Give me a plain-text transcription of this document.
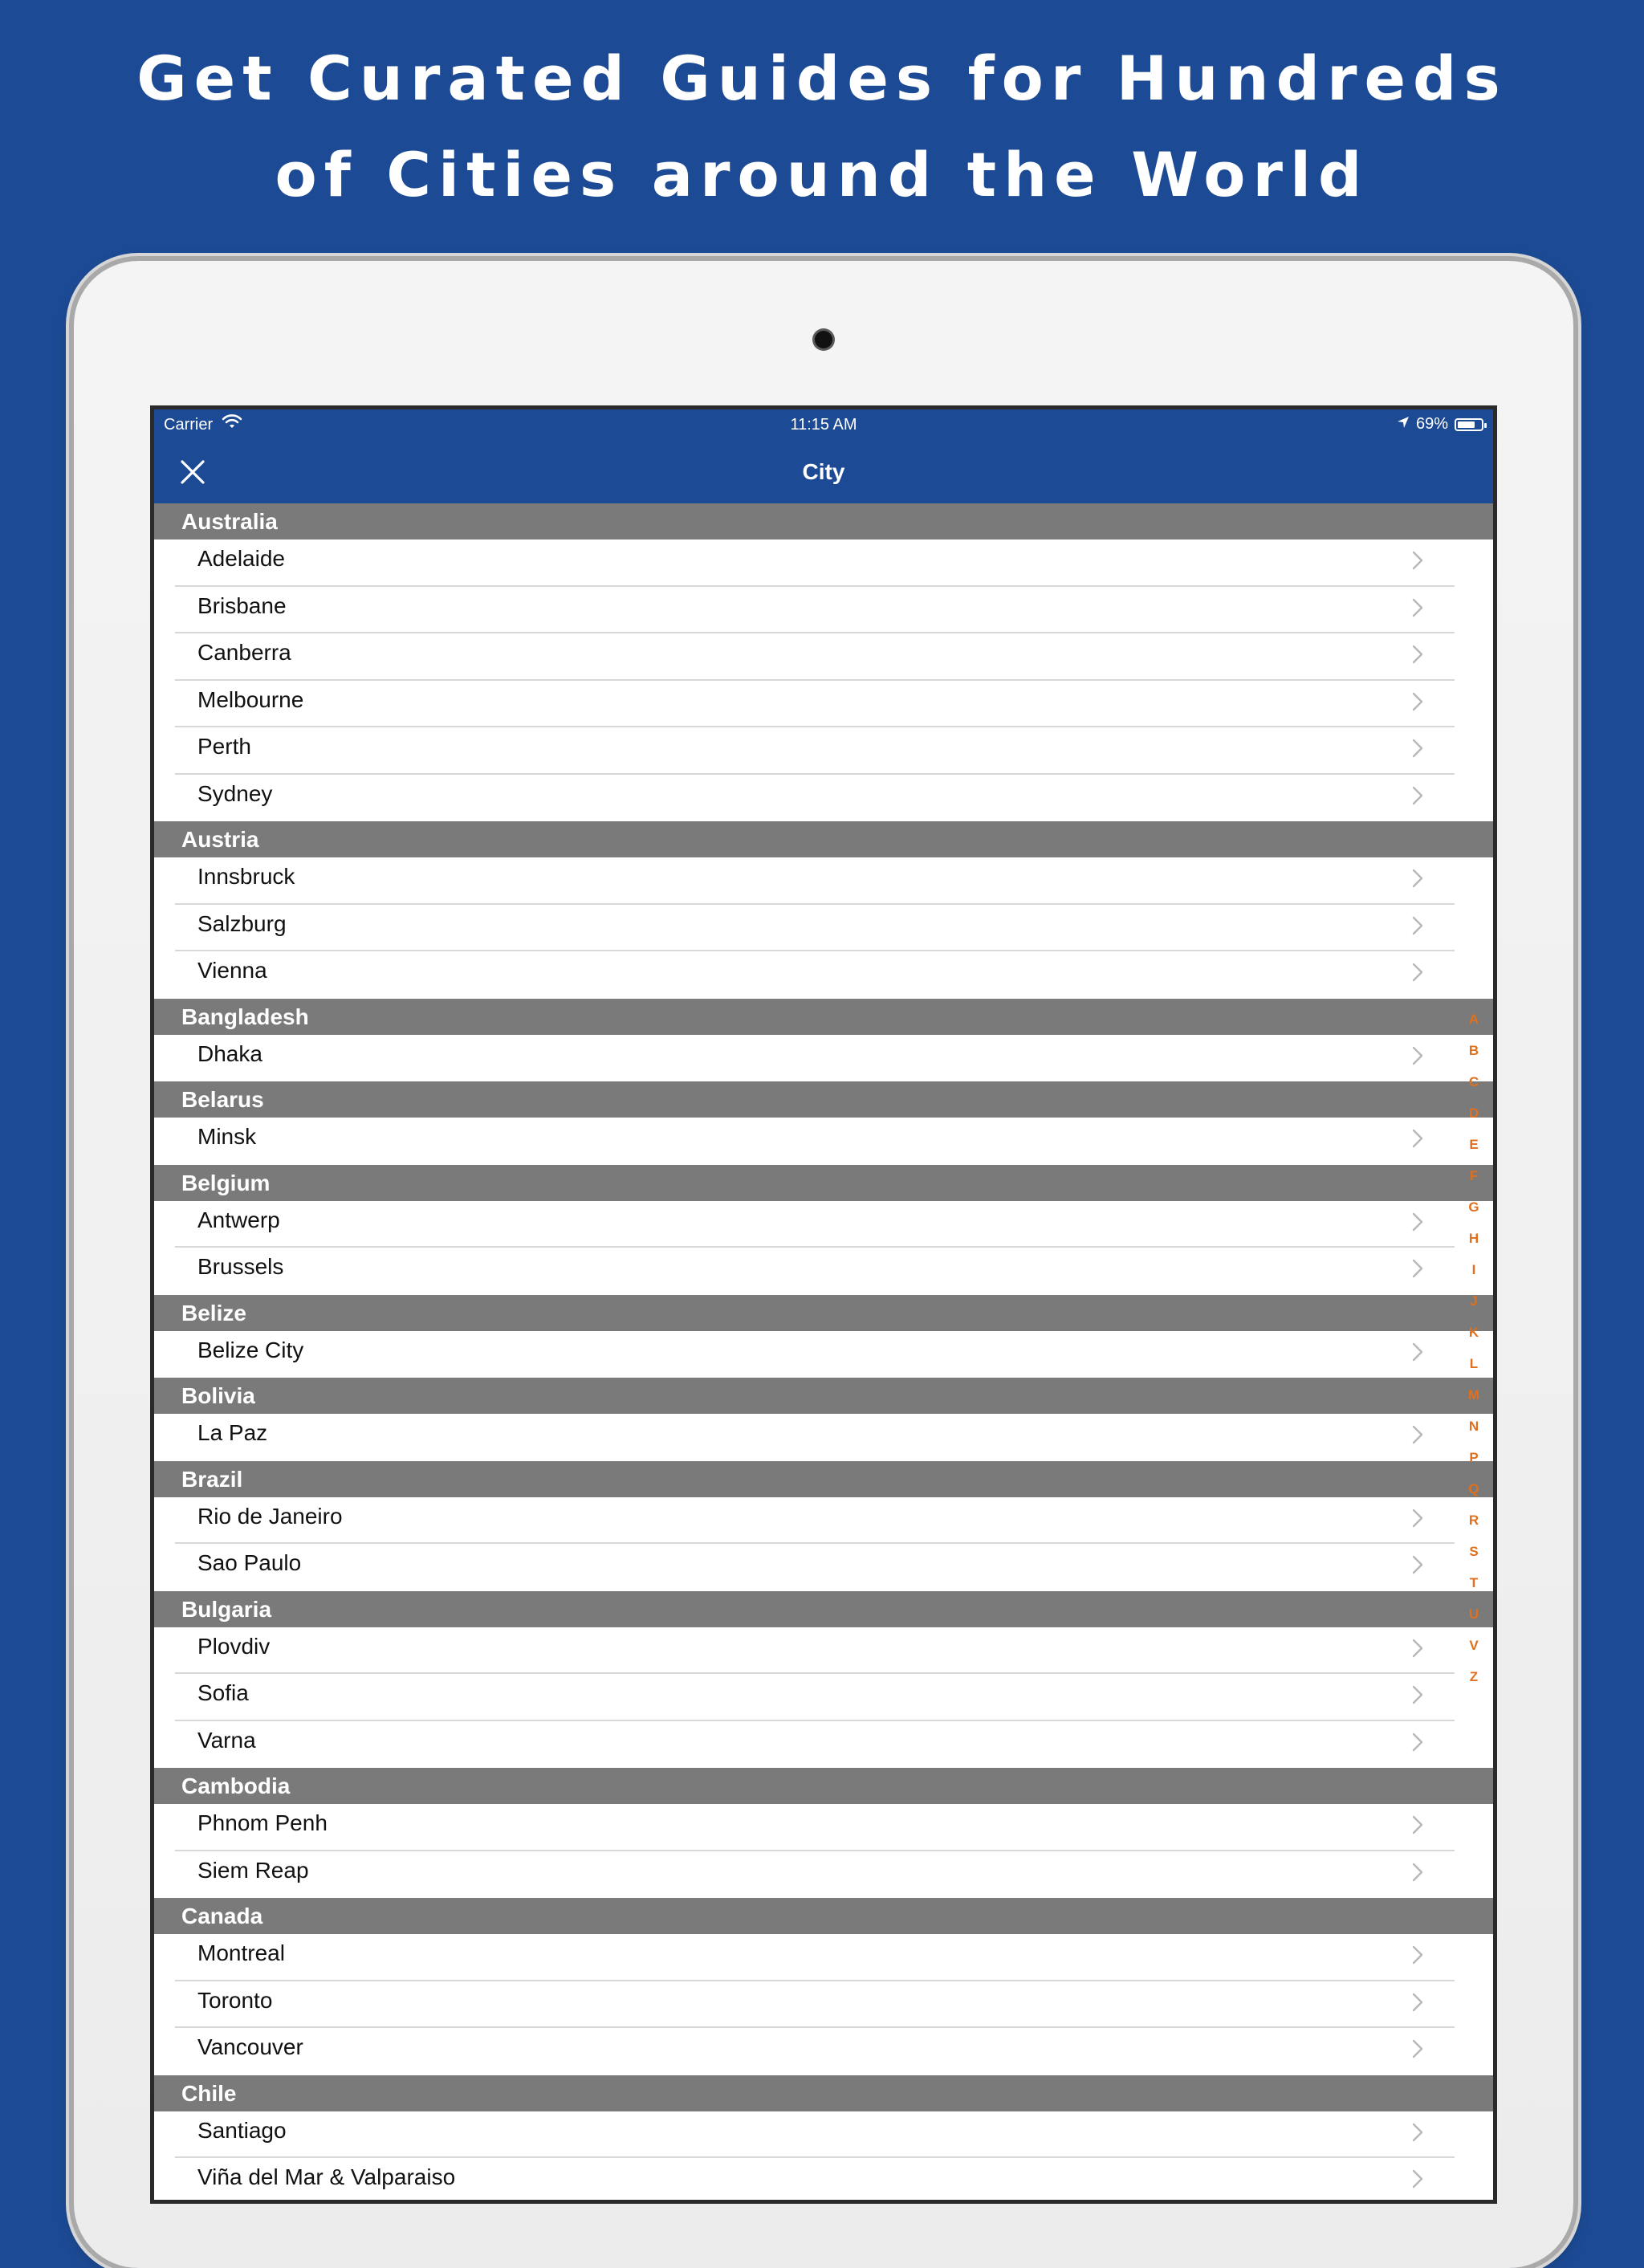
Get Curated Guides for Hundreds
of Cities around the World
Carrier	11:15 AM	69%
City
Australia
Adelaide
Brisbane
Canberra
Melbourne
Perth
Sydney
Austria
Innsbruck
Salzburg
Vienna
Bangladesh
Dhaka
Belarus
Minsk
Belgium
Antwerp
Brussels
Belize
Belize City
Bolivia
La Paz
Brazil
Rio de Janeiro
Sao Paulo
Bulgaria
Plovdiv
Sofia
Varna
Cambodia
Phnom Penh
Siem Reap
Canada
Montreal
Toronto
Vancouver
Chile
Santiago
Viña del Mar & Valparaiso
A
B
C
D
E
F
G
H
I
J
K
L
M
N
P
Q
R
S
T
U
V
Z
